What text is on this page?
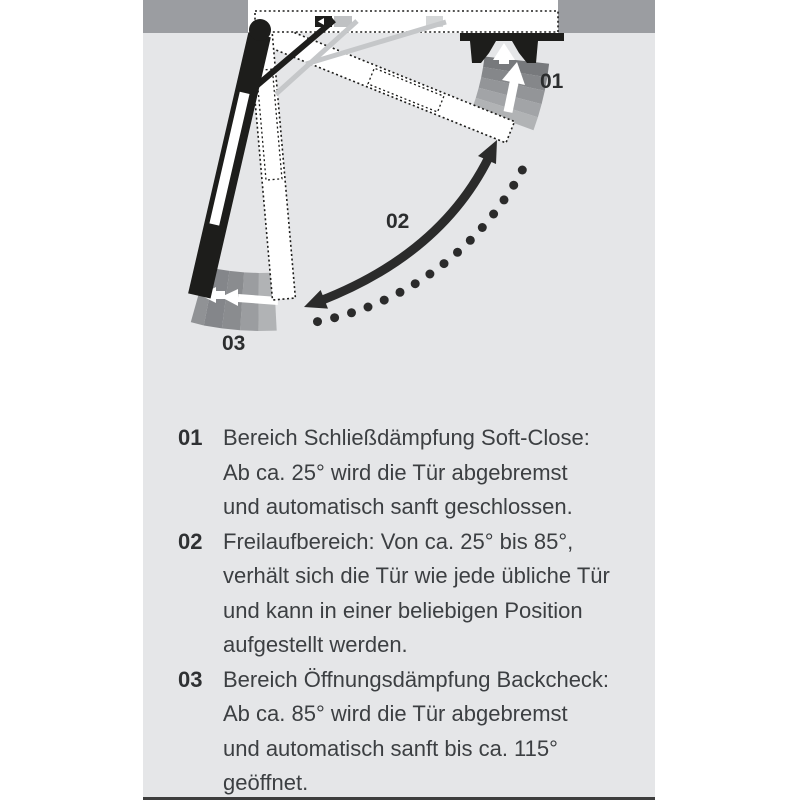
01
02
03
01 Bereich Schließdämpfung Soft-Close:
Ab ca. 25° wird die Tür abgebremst
und automatisch sanft geschlossen.
02 Freilaufbereich: Von ca. 25° bis 85°,
verhält sich die Tür wie jede übliche Tür
und kann in einer beliebigen Position
aufgestellt werden.
03 Bereich Öffnungsdämpfung Backcheck:
Ab ca. 85° wird die Tür abgebremst
und automatisch sanft bis ca. 115°
geöffnet.
